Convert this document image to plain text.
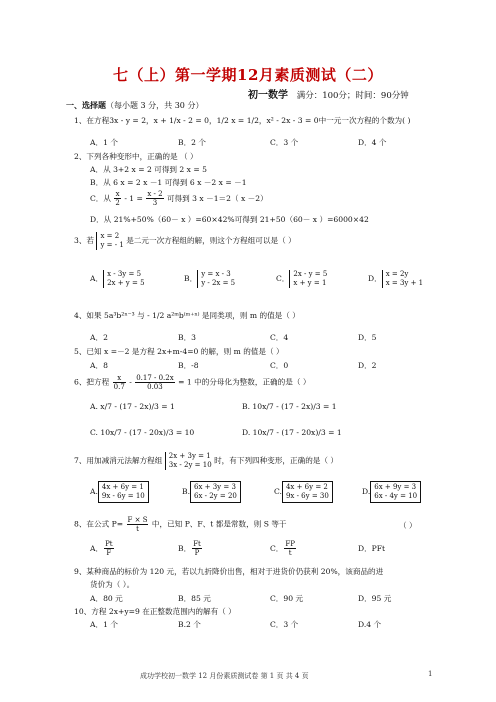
七（上）第一学期12月素质测试（二）
初一数学 满分：100分；时间：90分钟
一、选择题（每小题 3 分，共 30 分）
1、在方程3x - y = 2，x + 1/x - 2 = 0，1/2 x = 1/2，x² - 2x - 3 = 0中一元一次方程的个数为( )
A．1 个	B．2 个	C．3 个	D．4 个
2、下列各种变形中，正确的是 （ ）
A．从 3+2 x = 2 可得到 2 x = 5
B．从 6 x = 2 x －1 可得到 6 x －2 x = －1
C．从 $\frac{x}{2} - 1 = \frac{x - 2}{3}$ 可得到 3 x －1＝2（ x －2）
D．从 21%+50%（60－ x ）=60×42%可得到 21+50（60－ x ）=6000×42
3、若 x = 2
y = - 1 是二元一次方程组的解，则这个方程组可以是（ ）
A． x - 3y = 5
2x + y = 5	B． y = x - 3
y - 2x = 5	C． 2x - y = 5
x + y = 1	D． x = 2y
x = 3y + 1
4、如果 5a³b²ⁿ⁻³ 与 - 1/2 a²ᵐb⁽ᵐ⁺ⁿ⁾ 是同类项，则 m 的值是（ ）
A．2	B．3	C．4	D．5
5、已知 x =－2 是方程 2x+m-4=0 的解，则 m 的值是（ ）
A．8	B．-8	C．0	D．2
6、把方程 $\frac{x}{0.7} - \frac{0.17 - 0.2x}{0.03} = 1$ 中的分母化为整数，正确的是（ ）
A. x/7 - (17 - 2x)/3 = 1	B. 10x/7 - (17 - 2x)/3 = 1
C. 10x/7 - (17 - 20x)/3 = 10	D. 10x/7 - (17 - 20x)/3 = 1
7、用加减消元法解方程组 2x + 3y = 1
3x - 2y = 10 时，有下列四种变形，正确的是（ ）
A. 4x + 6y = 1
9x - 6y = 10	B. 6x + 3y = 3
6x - 2y = 20	C. 4x + 6y = 2
9x - 6y = 30	D. 6x + 9y = 3
6x - 4y = 10
8、在公式 $P= \frac{F \times S}{t}$ 中，已知 P、F、t 都是常数，则 S 等于	（ ）
A． $\frac{Pt}{F}$	B． $\frac{Ft}{P}$	C． $\frac{FP}{t}$	D．PFt
9、某种商品的标价为 120 元，若以九折降价出售，相对于进货价仍获利 20%，该商品的进
货价为（ ）。
A．80 元	B．85 元	C．90 元	D．95 元
10、方程 2x+y=9 在正整数范围内的解有（ ）
A．1 个	B.2 个	C．3 个	D.4 个
成功学校初一数学 12 月份素质测试卷 第 1 页 共 4 页	1
